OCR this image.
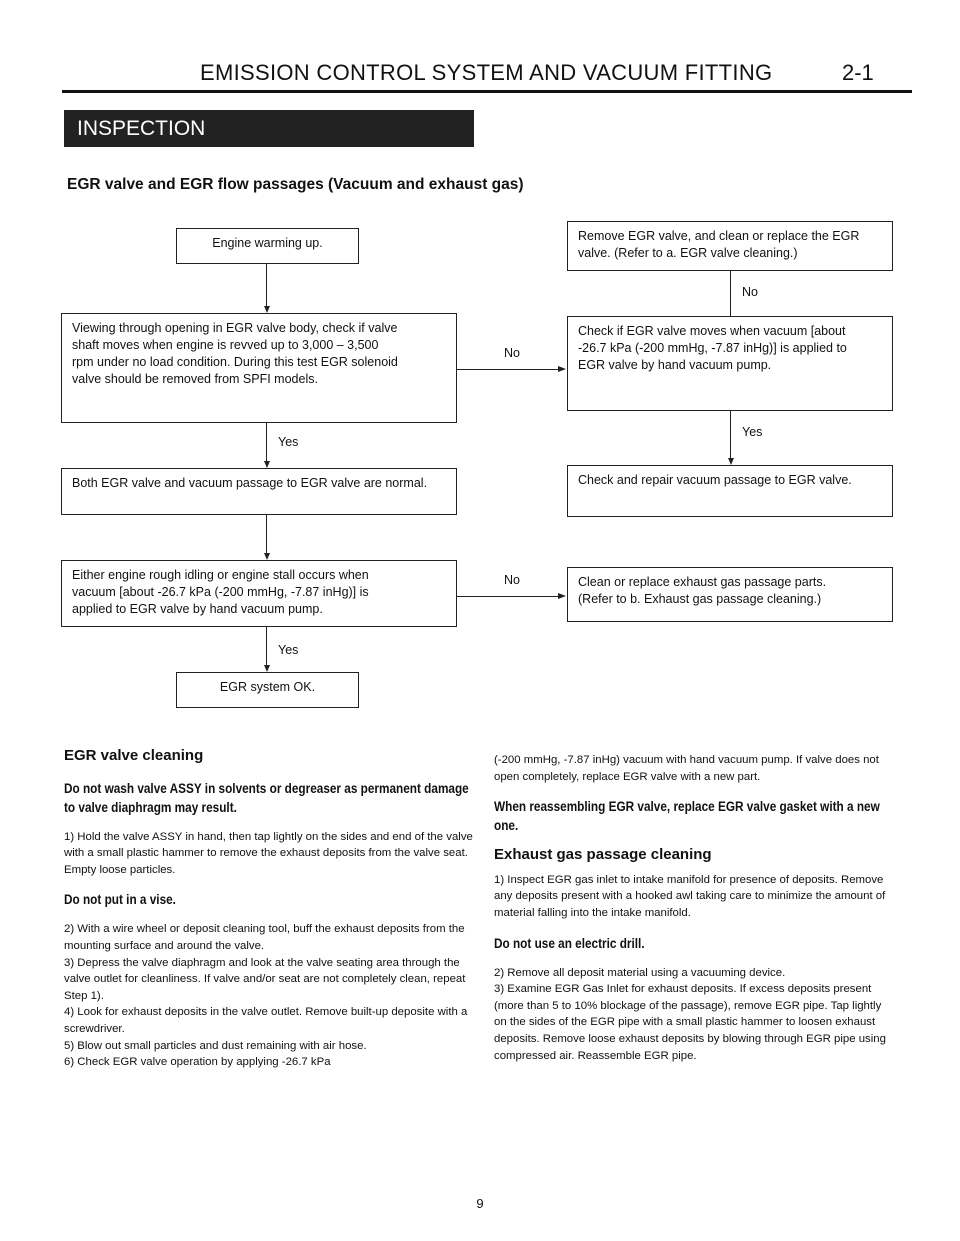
EMISSION CONTROL SYSTEM AND VACUUM FITTING	2-1
INSPECTION
EGR valve and EGR flow passages (Vacuum and exhaust gas)
Engine warming up.
Viewing through opening in EGR valve body, check if valve shaft moves when engine is revved up to 3,000 – 3,500 rpm under no load condition. During this test EGR solenoid valve should be removed from SPFI models.
Yes
Both EGR valve and vacuum passage to EGR valve are normal.
Either engine rough idling or engine stall occurs when vacuum [about -26.7 kPa (-200 mmHg, -7.87 inHg)] is applied to EGR valve by hand vacuum pump.
Yes
EGR system OK.
No
No
Remove EGR valve, and clean or replace the EGR valve. (Refer to a. EGR valve cleaning.)
No
Check if EGR valve moves when vacuum [about -26.7 kPa (-200 mmHg, -7.87 inHg)] is applied to EGR valve by hand vacuum pump.
Yes
Check and repair vacuum passage to EGR valve.
Clean or replace exhaust gas passage parts. (Refer to b. Exhaust gas passage cleaning.)

EGR valve cleaning

Do not wash valve ASSY in solvents or degreaser as permanent damage to valve diaphragm may result.

1) Hold the valve ASSY in hand, then tap lightly on the sides and end of the valve with a small plastic hammer to remove the exhaust deposits from the valve seat. Empty loose particles.

Do not put in a vise.

2) With a wire wheel or deposit cleaning tool, buff the exhaust deposits from the mounting surface and around the valve.

3) Depress the valve diaphragm and look at the valve seating area through the valve outlet for cleanliness. If valve and/or seat are not completely clean, repeat Step 1).

4) Look for exhaust deposits in the valve outlet. Remove built-up deposite with a screwdriver.

5) Blow out small particles and dust remaining with air hose.

6) Check EGR valve operation by applying -26.7 kPa

(-200 mmHg, -7.87 inHg) vacuum with hand vacuum pump. If valve does not open completely, replace EGR valve with a new part.

When reassembling EGR valve, replace EGR valve gasket with a new one.

Exhaust gas passage cleaning

1) Inspect EGR gas inlet to intake manifold for presence of deposits. Remove any deposits present with a hooked awl taking care to minimize the amount of material falling into the intake manifold.

Do not use an electric drill.

2) Remove all deposit material using a vacuuming device.

3) Examine EGR Gas Inlet for exhaust deposits. If excess deposits present (more than 5 to 10% blockage of the passage), remove EGR pipe. Tap lightly on the sides of the EGR pipe with a small plastic hammer to loosen exhaust deposits. Remove loose exhaust deposits by blowing through EGR pipe using compressed air. Reassemble EGR pipe.

9
